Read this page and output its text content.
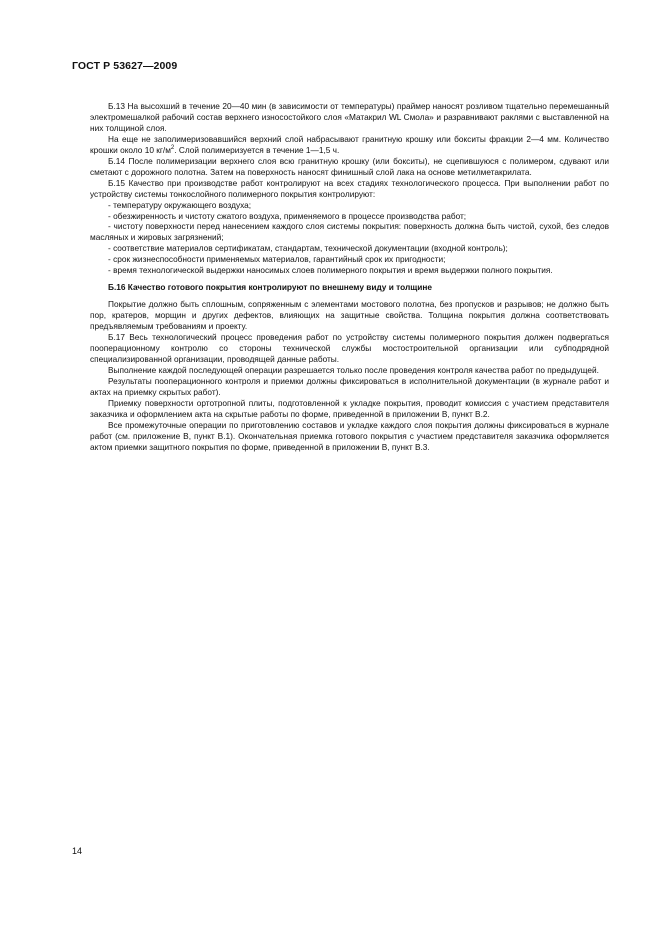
ГОСТ Р 53627—2009

Б.13 На высохший в течение 20—40 мин (в зависимости от температуры) праймер наносят розливом тщательно перемешанный электромешалкой рабочий состав верхнего износостойкого слоя «Матакрил WL Смола» и разравнивают раклями с выставленной на них толщиной слоя.

На еще не заполимеризовавшийся верхний слой набрасывают гранитную крошку или бокситы фракции 2—4 мм. Количество крошки около 10 $кг/м^2$. Слой полимеризуется в течение 1—1,5 ч.

Б.14 После полимеризации верхнего слоя всю гранитную крошку (или бокситы), не сцепившуюся с полимером, сдувают или сметают с дорожного полотна. Затем на поверхность наносят финишный слой лака на основе метилметакрилата.

Б.15 Качество при производстве работ контролируют на всех стадиях технологического процесса. При выполнении работ по устройству системы тонкослойного полимерного покрытия контролируют:

- температуру окружающего воздуха;

- обезжиренность и чистоту сжатого воздуха, применяемого в процессе производства работ;

- чистоту поверхности перед нанесением каждого слоя системы покрытия: поверхность должна быть чистой, сухой, без следов масляных и жировых загрязнений;

- соответствие материалов сертификатам, стандартам, технической документации (входной контроль);

- срок жизнеспособности применяемых материалов, гарантийный срок их пригодности;

- время технологической выдержки наносимых слоев полимерного покрытия и время выдержки полного покрытия.

Б.16 Качество готового покрытия контролируют по внешнему виду и толщине

Покрытие должно быть сплошным, сопряженным с элементами мостового полотна, без пропусков и разрывов; не должно быть пор, кратеров, морщин и других дефектов, влияющих на защитные свойства. Толщина покрытия должна соответствовать предъявляемым требованиям и проекту.

Б.17 Весь технологический процесс проведения работ по устройству системы полимерного покрытия должен подвергаться пооперационному контролю со стороны технической службы мостостроительной организации или субподрядной специализированной организации, проводящей данные работы.

Выполнение каждой последующей операции разрешается только после проведения контроля качества работ по предыдущей.

Результаты пооперационного контроля и приемки должны фиксироваться в исполнительной документации (в журнале работ и актах на приемку скрытых работ).

Приемку поверхности ортотропной плиты, подготовленной к укладке покрытия, проводит комиссия с участием представителя заказчика и оформлением акта на скрытые работы по форме, приведенной в приложении В, пункт В.2.

Все промежуточные операции по приготовлению составов и укладке каждого слоя покрытия должны фиксироваться в журнале работ (см. приложение В, пункт В.1). Окончательная приемка готового покрытия с участием представителя заказчика оформляется актом приемки защитного покрытия по форме, приведенной в приложении В, пункт В.3.

14
